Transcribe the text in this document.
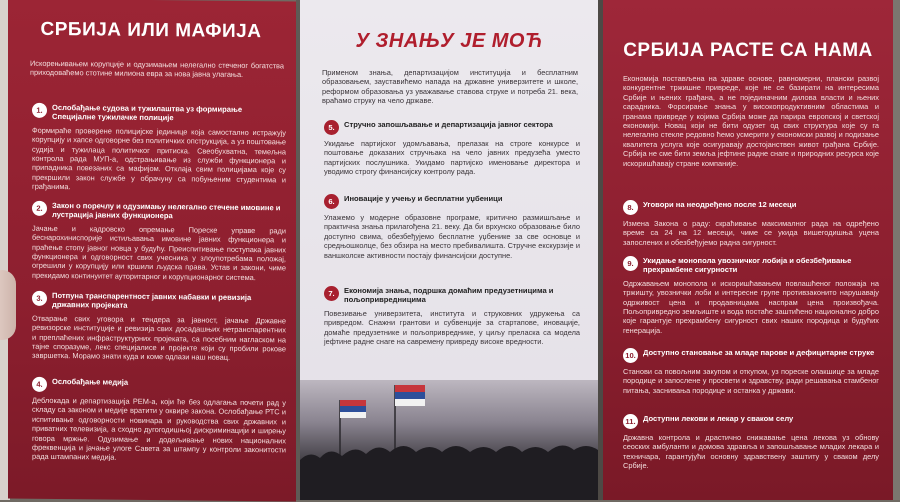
СРБИЈА ИЛИ МАФИЈА
Искорењивањем корупције и одузимањем нелегално стеченог богатства приходоваћемо стотине милиона евра за нова јавна улагања.
1.	Ослобађање судова и тужилаштва уз формирање Специјалне тужилачке полиције
Формираће проверене полицијске јединице која самостално истражују корупцију и хапсе одговорне без политичких опструкција, а уз поштовање судија и тужилаца политичког притиска. Свеобухватна, темељна контрола рада МУП-а, одстрањивање из служби функционера и припадника повезаних са мафијом. Отклаја свим полицијама које су прекршили закон службе у обрачуну са побуњеним студентима и грађанима.
2.	Закон о поречлу и одузимању нелегално стечене имовине и лустрација јавних функционера
Јачање и кадровско опремање Пореске управе ради беснарохиниспорије истиљавања имовине јавних функционера и праћење стопу јавног новца у будућу. Преиспитивање поступака јавних функционера и одговорност свих учесника у злоупотребама положај, огрешили у корупцију или кршили људска права. Устав и закони, чиме прекидамо континуитет ауторитарног и корупционарног система.
3.	Потпуна транспарентност јавних набавки и ревизија државних пројеката
Отварање свих уговора и тендера за јавност, јачање Државне ревизорске институције и ревизија свих досадашњих нетранспарентних и преплаћених инфраструктурних пројеката, са посебним нагласком на тајне споразуме, лекс специјалисе и пројекте који су пробили рокове завршетка. Морамо знати куда и коме одлази наш новац.
4.	Ослобађање медија
Деблокада и департизација РЕМ-а, који ће без одлагања почети рад у складу са законом и медије вратити у оквире закона. Ослобађање РТС и испитивање одговорности новинара и руководства свих државних и приватних телевизија, а сходно дугогодишњој дискриминацији и ширењу говора мржње. Одузимање и додељивање нових националних фреквенција и јачање улоге Савета за штампу у контроли законитости рада штампаних медија.
У ЗНАЊУ ЈЕ МОЋ
Применом знања, департизацијом институција и бесплатним образовањем, зауставићемо напада на државне универзитете и школе, реформом образовања уз уважавање ставова струке и потреба 21. века, враћамо струку на чело државе.
5.	Стручно запошљавање и департизација јавног сектора
Укидање партијског удомљавања, прелазак на строге конкурсе и поштовање доказаних стручњака на чело јавних предузећа уместо партијских послушника. Укидамо партијско именовање директора и уводимо строгу финансијску контролу рада.
6.	Иновације у учењу и бесплатни уџбеници
Улажемо у модерне образовне програме, критично размишљање и практична знања прилагођена 21. веку. Да би врхунско образовање било доступно свима, обезбеђујемо бесплатне уџбенике за све основце и средњошколце, без обзира на место пребивалишта. Стручне екскурзије и ваншколске активности постају финансијски доступне.
7.	Економија знања, подршка домаћим предузетницима и пољопривредницима
Повезивање универзитета, института и струковних удружења са привредом. Снажни грантови и субвенције за стартапове, иновације, домаће предузетнике и пољопривреднике, у циљу преласка са модела јефтине радне снаге на савремену привреду високе вредности.
СРБИЈА РАСТЕ СА НАМА
Економија постављена на здраве основе, равномерни, плански развој конкурентне тржишне привреде, које не се базирати на интересима Србије и њених грађана, а не појединачним дилова власти и њених сарадника. Форсирање знања у високопродуктивним областима и гранама привреде у којима Србија може да парира европској и светској економији. Новац који не бити одузет од свих структура које су га нелегално стекле редовно ћемо усмерити у економски развој и подизање квалитета услуга које осигуравају достојанствен живот грађана Србије. Србија не сме бити земља јефтине радне снаге и природних ресурса које искоришћавају стране компаније.
8.	Уговори на неодређено после 12 месеци
Измена Закона о раду: скраћивање максималног рада на одређено време са 24 на 12 месеци, чиме се укида вишегодишња уцена запослених и обезбеђујемо радна сигурност.
9.	Укидање монопола увозничког лобија и обезбеђивање прехрамбене сигурности
Одржавањем монопола и искоришћавањем повлашћеног положаја на тржишту, увознички лоби и интересне групе противзаконито нарушавају одрживост цена и продавницама наспрам цена произвођача. Пољопривредно земљиште и вода постаће заштићено национално добро које гарантује прехрамбену сигурност свих наших породица и будућих генерација.
10. Доступно становање за младе парове и дефицитарне струке
Станови са повољним закупом и откупом, уз пореске олакшице за младе породице и запослене у просвети и здравству, ради решавања стамбеног питања, заснивања породице и останка у држави.
11. Доступни лекови и лекар у сваком селу
Државна контрола и драстично снижавање цена лекова уз обнову сеоских амбуланти и домова здравља и запошљавање младих лекара и техничара, гарантујући основну здравствену заштиту у сваком делу Србије.
